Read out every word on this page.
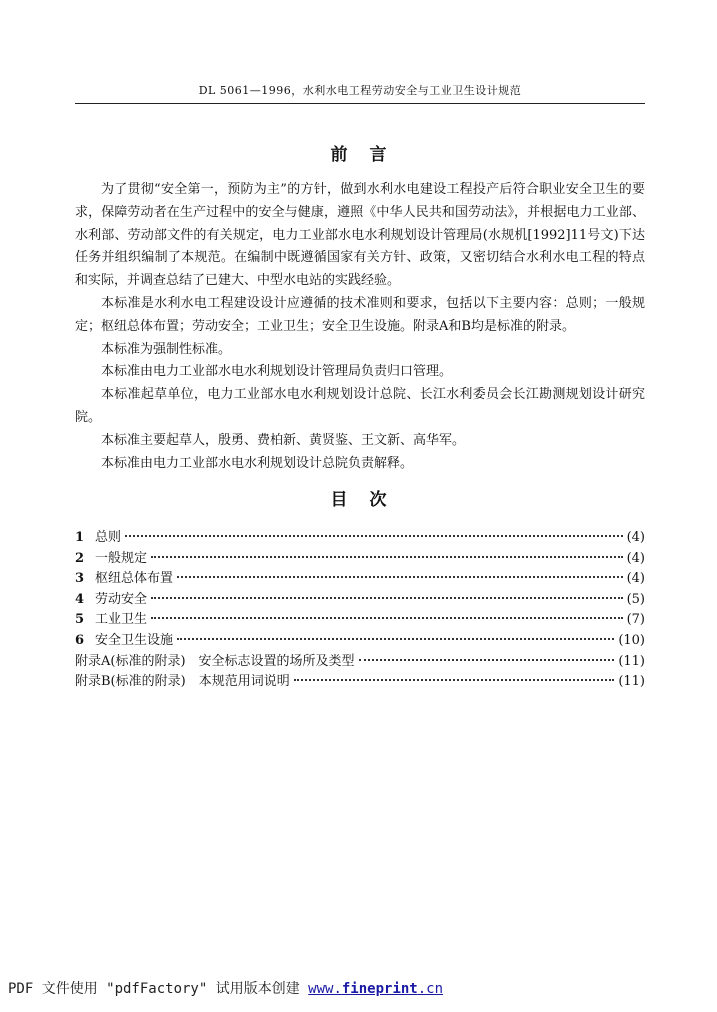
DL 5061—1996，水利水电工程劳动安全与工业卫生设计规范
前言

为了贯彻“安全第一，预防为主”的方针，做到水利水电建设工程投产后符合职业安全卫生的要求，保障劳动者在生产过程中的安全与健康，遵照《中华人民共和国劳动法》，并根据电力工业部、水利部、劳动部文件的有关规定，电力工业部水电水利规划设计管理局(水规机[1992]11号文)下达任务并组织编制了本规范。在编制中既遵循国家有关方针、政策，又密切结合水利水电工程的特点和实际，并调查总结了已建大、中型水电站的实践经验。

本标准是水利水电工程建设设计应遵循的技术准则和要求，包括以下主要内容：总则；一般规定；枢纽总体布置；劳动安全；工业卫生；安全卫生设施。附录A和B均是标准的附录。

本标准为强制性标准。

本标准由电力工业部水电水利规划设计管理局负责归口管理。

本标准起草单位，电力工业部水电水利规划设计总院、长江水利委员会长江勘测规划设计研究院。

本标准主要起草人，殷勇、费柏新、黄贤鉴、王文新、高华军。

本标准由电力工业部水电水利规划设计总院负责解释。

目次
1 总则	(4)
2 一般规定	(4)
3 枢纽总体布置	(4)
4 劳动安全	(5)
5 工业卫生	(7)
6 安全卫生设施	(10)
附录A(标准的附录)　安全标志设置的场所及类型	(11)
附录B(标准的附录)　本规范用词说明	(11)
PDF 文件使用 "pdfFactory" 试用版本创建 www.fineprint.cn
